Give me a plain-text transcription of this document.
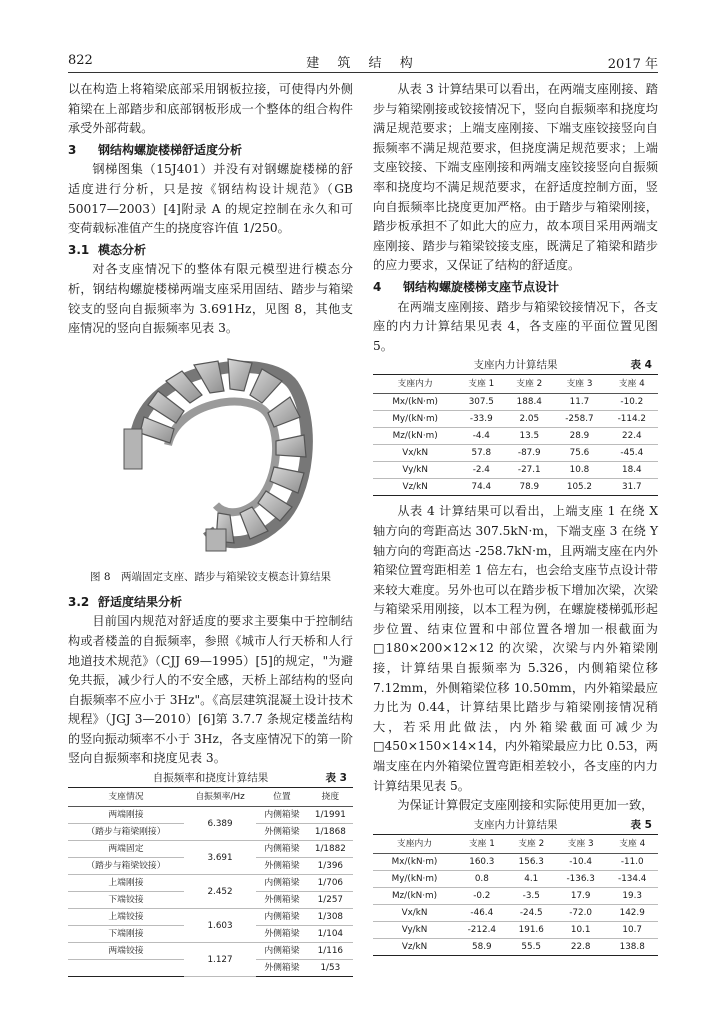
822	建 筑 结 构	2017 年

以在构造上将箱梁底部采用钢板拉接，可使得内外侧箱梁在上部踏步和底部钢板形成一个整体的组合构件承受外部荷载。

3 钢结构螺旋楼梯舒适度分析

钢梯图集（15J401）并没有对钢螺旋楼梯的舒适度进行分析，只是按《钢结构设计规范》（GB 50017—2003）[4]附录 A 的规定控制在永久和可变荷载标准值产生的挠度容许值 1/250。

3.1 模态分析

对各支座情况下的整体有限元模型进行模态分析，钢结构螺旋楼梯两端支座采用固结、踏步与箱梁铰支的竖向自振频率为 3.691Hz，见图 8，其他支座情况的竖向自振频率见表 3。

图 8　两端固定支座、踏步与箱梁铰支模态计算结果
3.2 舒适度结果分析

目前国内规范对舒适度的要求主要集中于控制结构或者楼盖的自振频率，参照《城市人行天桥和人行地道技术规范》（CJJ 69—1995）[5]的规定，"为避免共振，减少行人的不安全感，天桥上部结构的竖向自振频率不应小于 3Hz"。《高层建筑混凝土设计技术规程》（JGJ 3—2010）[6]第 3.7.7 条规定楼盖结构的竖向振动频率不小于 3Hz，各支座情况下的第一阶竖向自振频率和挠度见表 3。

自振频率和挠度计算结果	表 3
支座情况	自振频率/Hz	位置	挠度
两端刚接	6.389	内侧箱梁	1/1991
（踏步与箱梁刚接）		外侧箱梁	1/1868
两端固定	3.691	内侧箱梁	1/1882
（踏步与箱梁铰接）		外侧箱梁	1/396
上端刚接	2.452	内侧箱梁	1/706
下端铰接		外侧箱梁	1/257
上端铰接	1.603	内侧箱梁	1/308
下端刚接		外侧箱梁	1/104
两端铰接	1.127	内侧箱梁	1/116
		外侧箱梁	1/53

从表 3 计算结果可以看出，在两端支座刚接、踏步与箱梁刚接或铰接情况下，竖向自振频率和挠度均满足规范要求；上端支座刚接、下端支座铰接竖向自振频率不满足规范要求，但挠度满足规范要求；上端支座铰接、下端支座刚接和两端支座铰接竖向自振频率和挠度均不满足规范要求，在舒适度控制方面，竖向自振频率比挠度更加严格。由于踏步与箱梁刚接，踏步板承担不了如此大的应力，故本项目采用两端支座刚接、踏步与箱梁铰接支座，既满足了箱梁和踏步的应力要求，又保证了结构的舒适度。

4 钢结构螺旋楼梯支座节点设计

在两端支座刚接、踏步与箱梁铰接情况下，各支座的内力计算结果见表 4，各支座的平面位置见图 5。

支座内力计算结果	表 4
支座内力	支座 1	支座 2	支座 3	支座 4
Mx/(kN·m)	307.5	188.4	11.7	-10.2
My/(kN·m)	-33.9	2.05	-258.7	-114.2
Mz/(kN·m)	-4.4	13.5	28.9	22.4
Vx/kN	57.8	-87.9	75.6	-45.4
Vy/kN	-2.4	-27.1	10.8	18.4
Vz/kN	74.4	78.9	105.2	31.7

从表 4 计算结果可以看出，上端支座 1 在绕 X 轴方向的弯距高达 307.5kN·m，下端支座 3 在绕 Y 轴方向的弯距高达 -258.7kN·m，且两端支座在内外箱梁位置弯距相差 1 倍左右，也会给支座节点设计带来较大难度。另外也可以在踏步板下增加次梁，次梁与箱梁采用刚接，以本工程为例，在螺旋楼梯弧形起步位置、结束位置和中部位置各增加一根截面为□180×200×12×12 的次梁，次梁与内外箱梁刚接，计算结果自振频率为 5.326，内侧箱梁位移 7.12mm，外侧箱梁位移 10.50mm，内外箱梁最应力比为 0.44，计算结果比踏步与箱梁刚接情况稍大，若采用此做法，内外箱梁截面可减少为□450×150×14×14，内外箱梁最应力比 0.53，两端支座在内外箱梁位置弯距相差较小，各支座的内力计算结果见表 5。

为保证计算假定支座刚接和实际使用更加一致，

支座内力计算结果	表 5
支座内力	支座 1	支座 2	支座 3	支座 4
Mx/(kN·m)	160.3	156.3	-10.4	-11.0
My/(kN·m)	0.8	4.1	-136.3	-134.4
Mz/(kN·m)	-0.2	-3.5	17.9	19.3
Vx/kN	-46.4	-24.5	-72.0	142.9
Vy/kN	-212.4	191.6	10.1	10.7
Vz/kN	58.9	55.5	22.8	138.8
